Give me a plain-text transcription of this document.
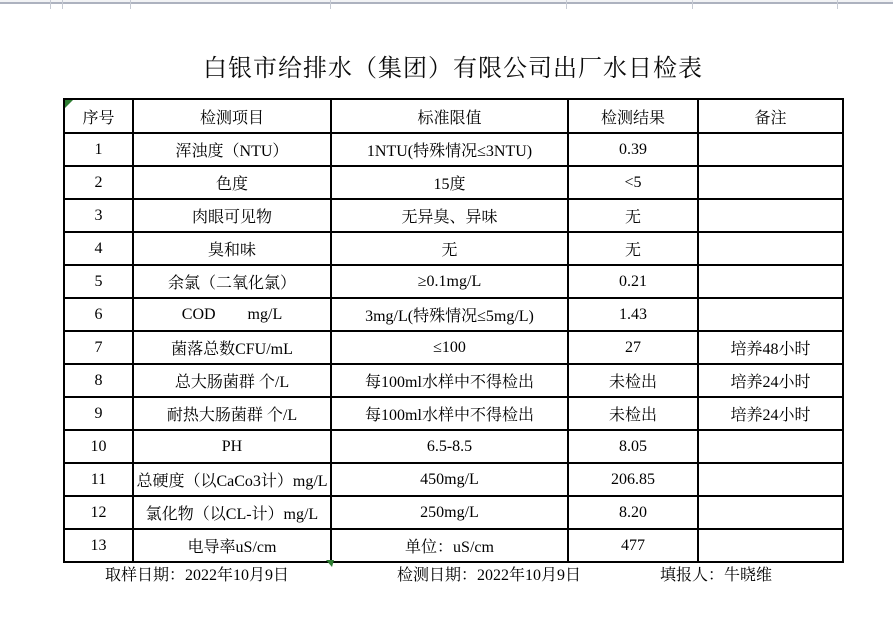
白银市给排水（集团）有限公司出厂水日检表
序号	检测项目	标准限值	检测结果	备注
1	浑浊度（NTU）	1NTU(特殊情况≤3NTU)	0.39	
2	色度	15度	<5	
3	肉眼可见物	无异臭、异味	无	
4	臭和味	无	无	
5	余氯（二氧化氯）	≥0.1mg/L	0.21	
6	COD        mg/L	3mg/L(特殊情况≤5mg/L)	1.43	
7	菌落总数CFU/mL	≤100	27	培养48小时
8	总大肠菌群 个/L	每100ml水样中不得检出	未检出	培养24小时
9	耐热大肠菌群 个/L	每100ml水样中不得检出	未检出	培养24小时
10	PH	6.5-8.5	8.05	
11	总硬度（以CaCo3计）mg/L	450mg/L	206.85	
12	氯化物（以CL-计）mg/L	250mg/L	8.20	
13	电导率uS/cm	单位：uS/cm	477	
取样日期：2022年10月9日	检测日期：2022年10月9日	填报人：牛晓维
